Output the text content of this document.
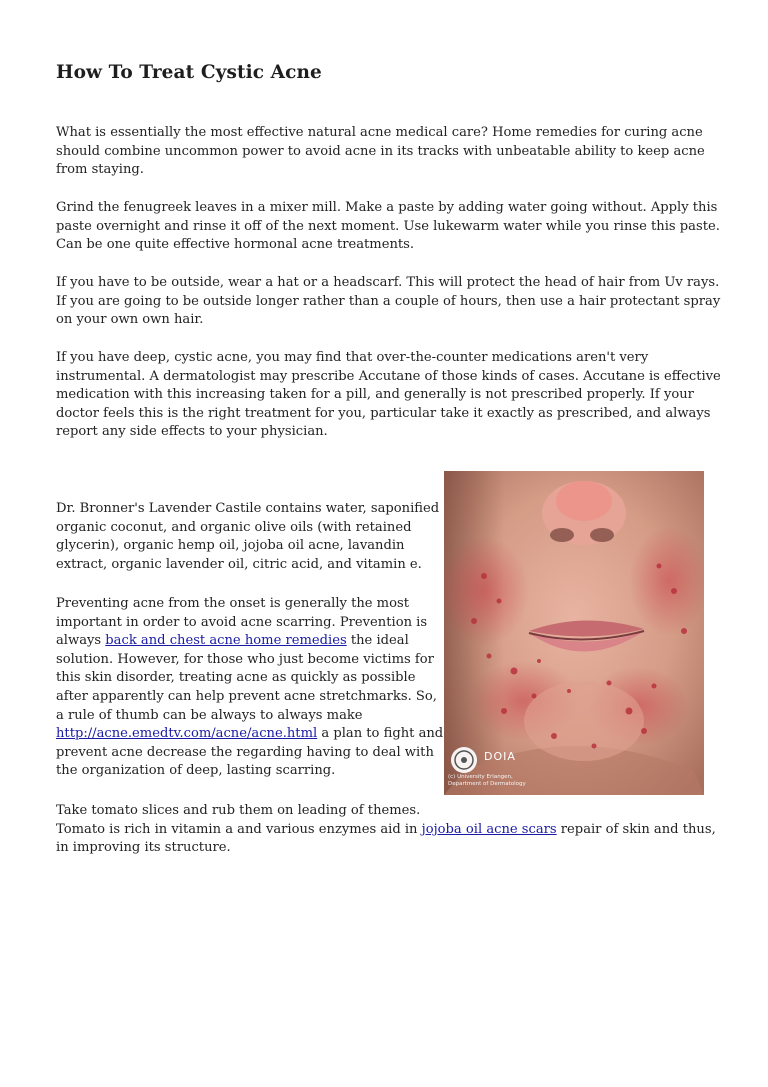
How To Treat Cystic Acne

What is essentially the most effective natural acne medical care? Home remedies for curing acne
should combine uncommon power to avoid acne in its tracks with unbeatable ability to keep acne
from staying.

Grind the fenugreek leaves in a mixer mill. Make a paste by adding water going without. Apply this
paste overnight and rinse it off of the next moment. Use lukewarm water while you rinse this paste.
Can be one quite effective hormonal acne treatments.

If you have to be outside, wear a hat or a headscarf. This will protect the head of hair from Uv rays.
If you are going to be outside longer rather than a couple of hours, then use a hair protectant spray
on your own own hair.

If you have deep, cystic acne, you may find that over-the-counter medications aren't very
instrumental. A dermatologist may prescribe Accutane of those kinds of cases. Accutane is effective
medication with this increasing taken for a pill, and generally is not prescribed properly. If your
doctor feels this is the right treatment for you, particular take it exactly as prescribed, and always
report any side effects to your physician.

Dr. Bronner's Lavender Castile contains water, saponified
organic coconut, and organic olive oils (with retained
glycerin), organic hemp oil, jojoba oil acne, lavandin
extract, organic lavender oil, citric acid, and vitamin e.

Preventing acne from the onset is generally the most
important in order to avoid acne scarring. Prevention is
always back and chest acne home remedies the ideal
solution. However, for those who just become victims for
this skin disorder, treating acne as quickly as possible
after apparently can help prevent acne stretchmarks. So,
a rule of thumb can be always to always make
http://acne.emedtv.com/acne/acne.html a plan to fight and
prevent acne decrease the regarding having to deal with
the organization of deep, lasting scarring.

Take tomato slices and rub them on leading of themes.
Tomato is rich in vitamin a and various enzymes aid in jojoba oil acne scars repair of skin and thus,
in improving its structure.

DOIA
(c) University Erlangen,
Department of Dermatology
